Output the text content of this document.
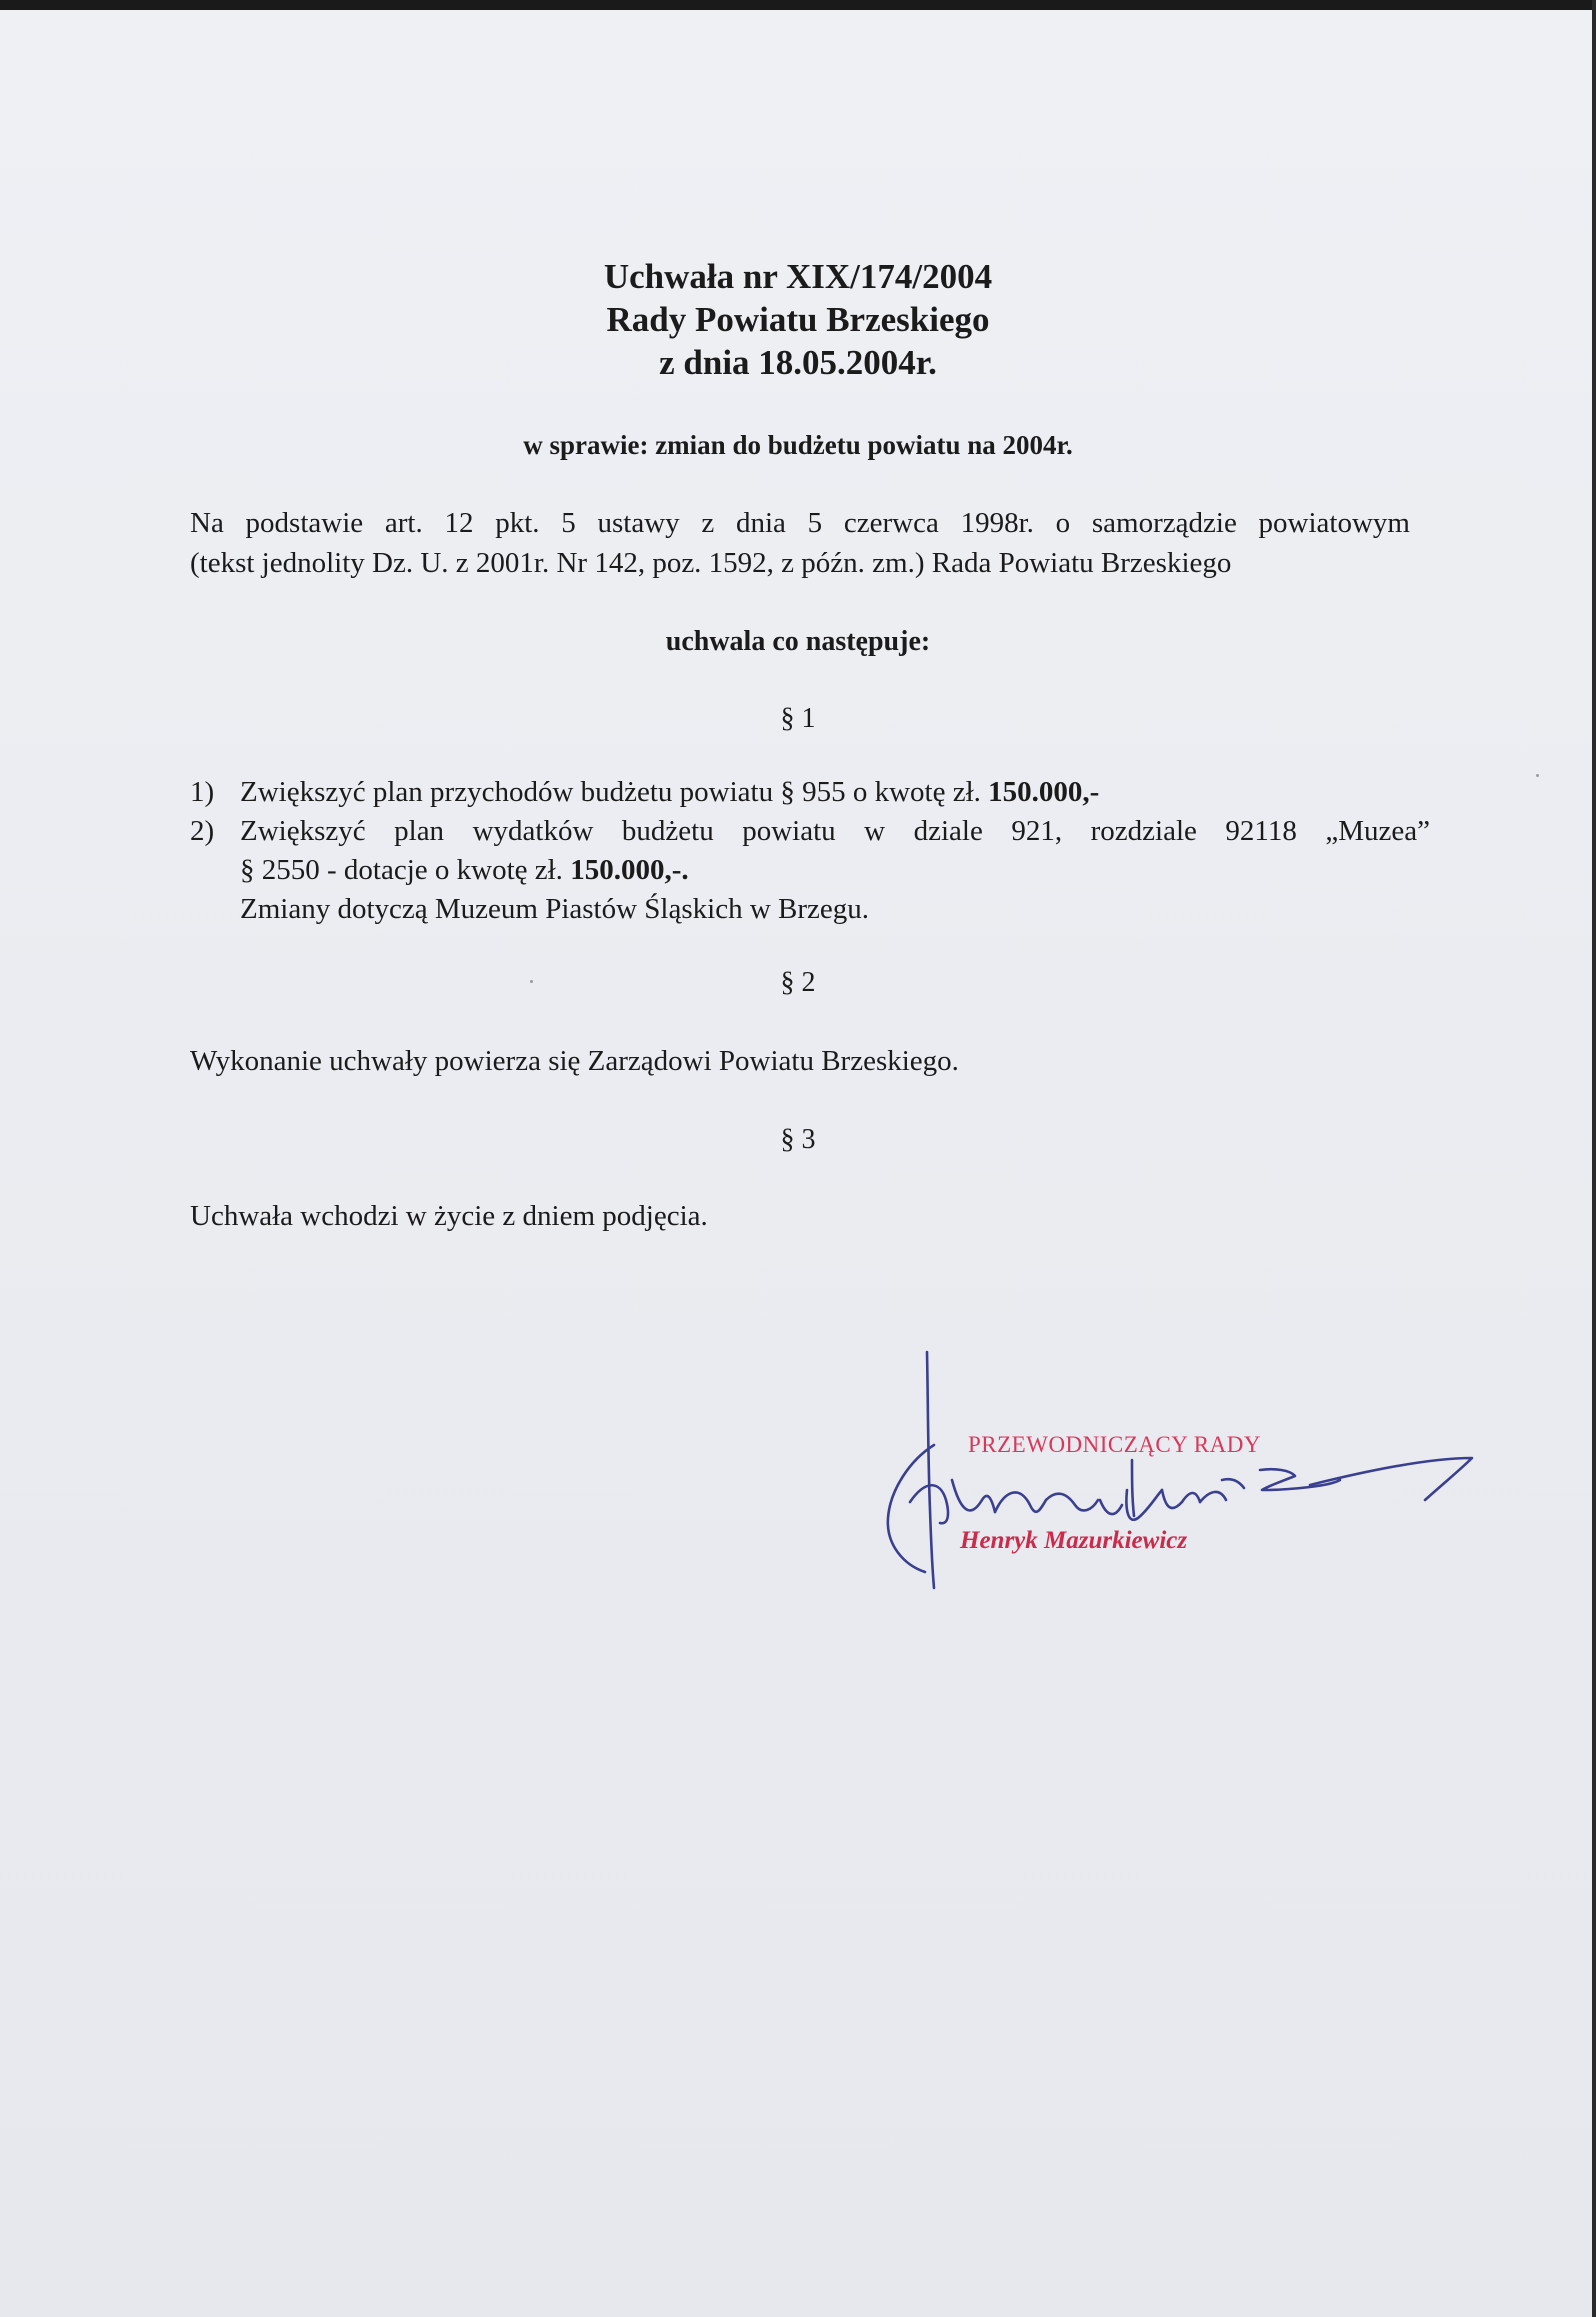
Uchwała nr XIX/174/2004
Rady Powiatu Brzeskiego
z dnia 18.05.2004r.
w sprawie: zmian do budżetu powiatu na 2004r.
Na podstawie art. 12 pkt. 5 ustawy z dnia 5 czerwca 1998r. o samorządzie powiatowym
(tekst jednolity Dz. U. z 2001r. Nr 142, poz. 1592, z późn. zm.) Rada Powiatu Brzeskiego
uchwala co następuje:
§ 1
1) Zwiększyć plan przychodów budżetu powiatu § 955 o kwotę zł. 150.000,-
2) Zwiększyć plan wydatków budżetu powiatu w dziale 921, rozdziale 92118 „Muzea”
§ 2550 - dotacje o kwotę zł. 150.000,-.
Zmiany dotyczą Muzeum Piastów Śląskich w Brzegu.
§ 2
Wykonanie uchwały powierza się Zarządowi Powiatu Brzeskiego.
§ 3
Uchwała wchodzi w życie z dniem podjęcia.
PRZEWODNICZĄCY RADY
Henryk Mazurkiewicz
